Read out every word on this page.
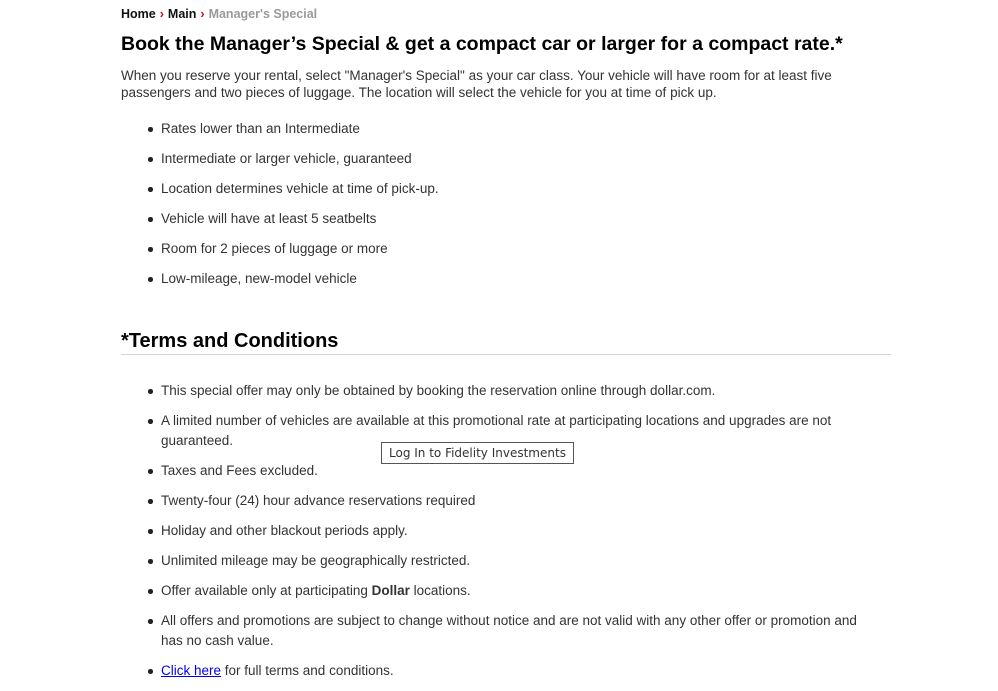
Home › Main › Manager's Special
Book the Manager’s Special & get a compact car or larger for a compact rate.*

When you reserve your rental, select "Manager's Special" as your car class. Your vehicle will have room for at least five passengers and two pieces of luggage. The location will select the vehicle for you at time of pick up.

Rates lower than an Intermediate
Intermediate or larger vehicle, guaranteed
Location determines vehicle at time of pick-up.
Vehicle will have at least 5 seatbelts
Room for 2 pieces of luggage or more
Low-mileage, new-model vehicle
*Terms and Conditions
This special offer may only be obtained by booking the reservation online through dollar.com.
A limited number of vehicles are available at this promotional rate at participating locations and upgrades are not guaranteed.
Taxes and Fees excluded.
Twenty-four (24) hour advance reservations required
Holiday and other blackout periods apply.
Unlimited mileage may be geographically restricted.
Offer available only at participating Dollar locations.
All offers and promotions are subject to change without notice and are not valid with any other offer or promotion and has no cash value.
Click here for full terms and conditions.
Log In to Fidelity Investments
